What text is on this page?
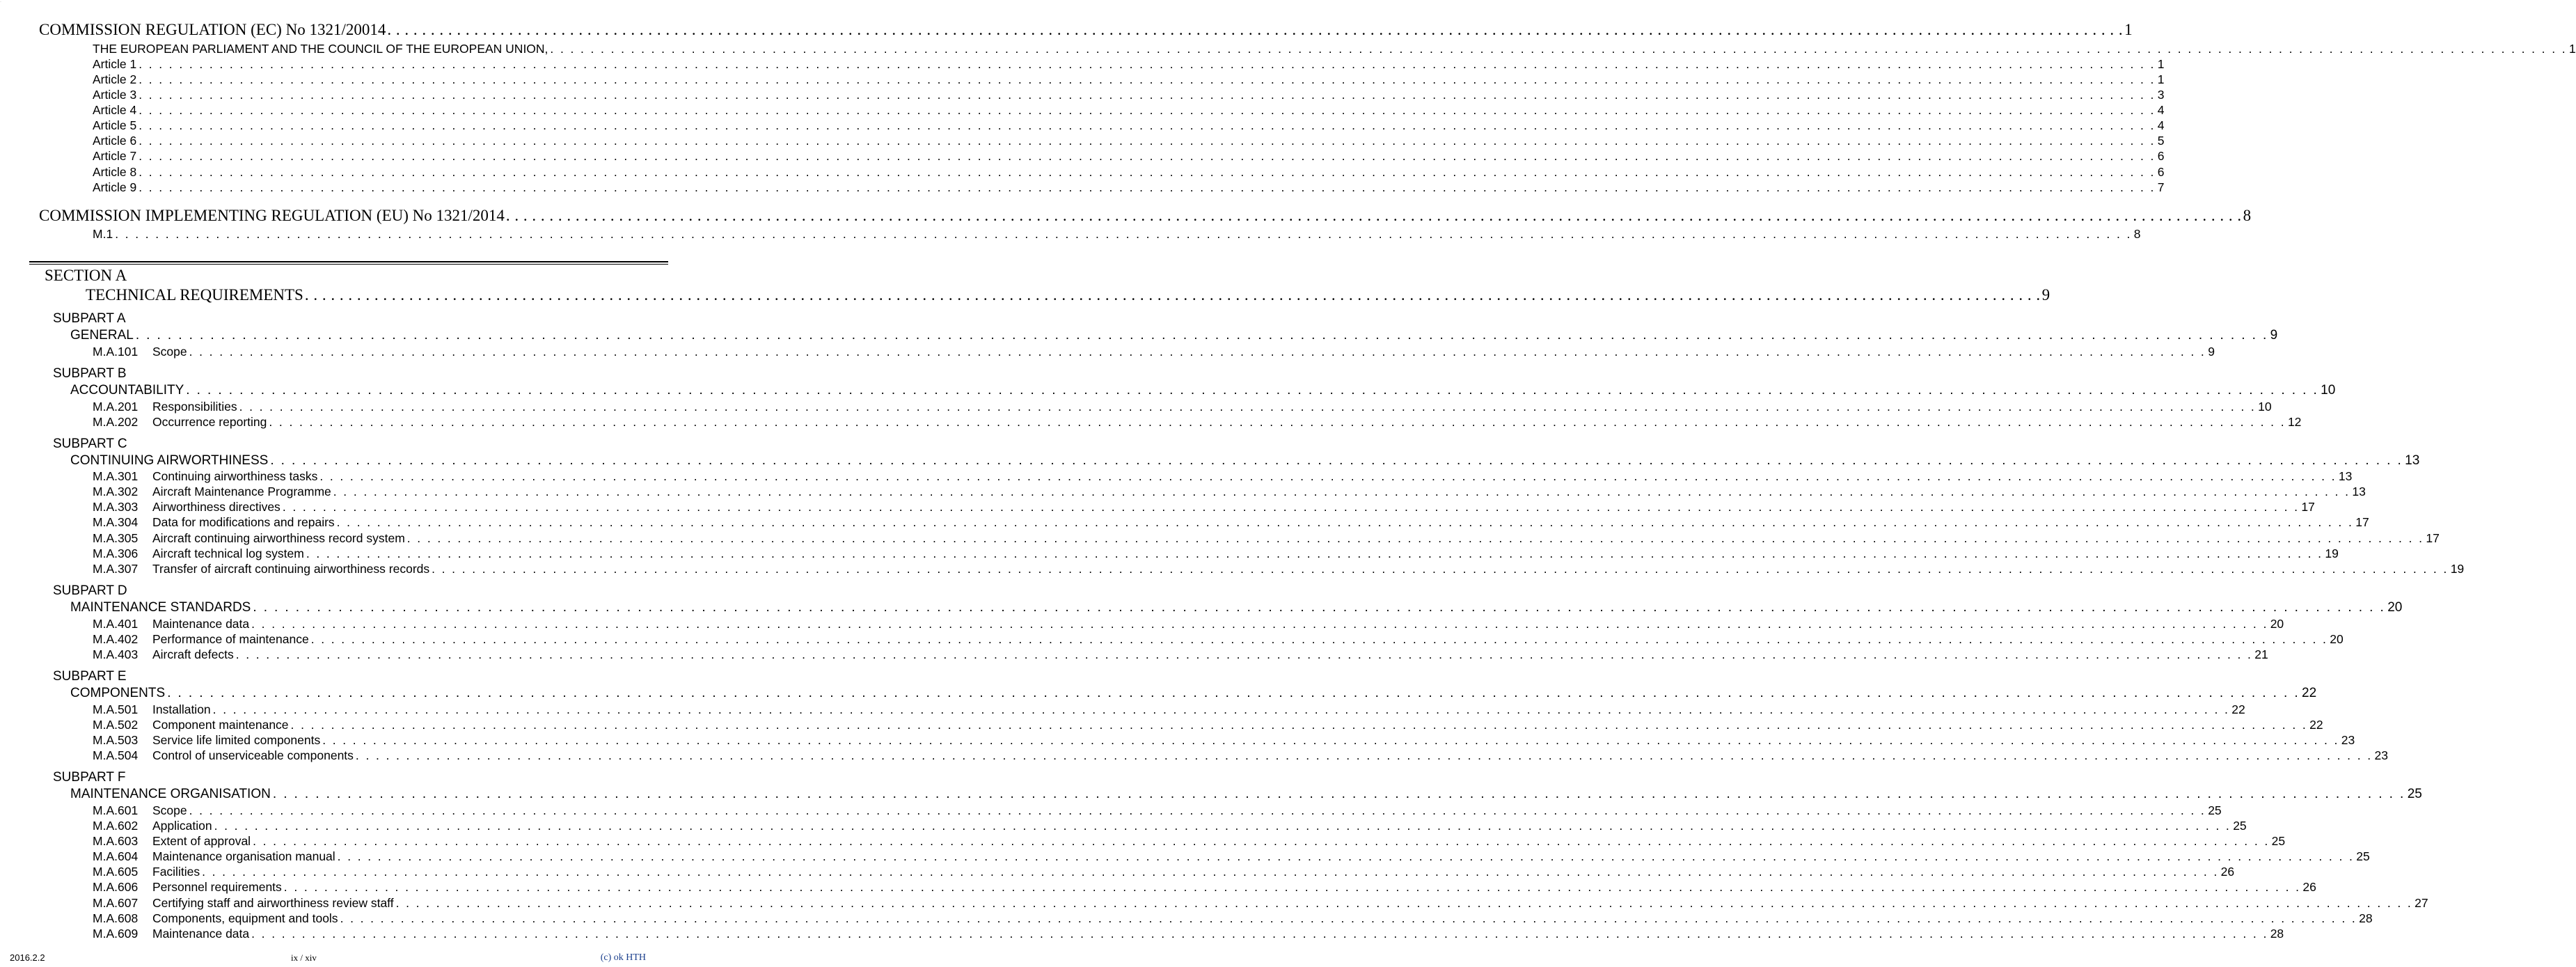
·
COMMISSION REGULATION (EC) No 1321/20014 . . . . . . . . . . . . . . . . . . . . . . . . . . . . . . . . . . . . . . . . . . . . . . . . . . . . . . . . . . . . . . . . . . . . . . . . . . . . . . . . . . . . . . . . . . . . . . . . . . . . . . . . . . . . . . . . . . . . . . . . . . . . . . . . . . . . . . . . . . . . . . . . . . . . . . . . . . . . . . . . . . . . . . . . . . . . . . . . . . . . . . . . . . . . . . . . . . . . . . . . 1
COMMISSION IMPLEMENTING REGULATION (EU) No 1321/2014 . . . . . . . . . . . . . . . . . . . . . . . . . . . . . . . . . . . . . . . . . . . . . . . . . . . . . . . . . . . . . . . . . . . . . . . . . . . . . . . . . . . . . . . . . . . . . . . . . . . . . . . . . . . . . . . . . . . . . . . . . . . . . . . . . . . . . . . . . . . . . . . . . . . . . . . . . . . . . . . . . . . . . . . . . . . . . . . . . . . . . . . . . . . . . . . . . . . . . . . . 8
SECTION A
TECHNICAL REQUIREMENTS . . . . . . . . . . . . . . . . . . . . . . . . . . . . . . . . . . . . . . . . . . . . . . . . . . . . . . . . . . . . . . . . . . . . . . . . . . . . . . . . . . . . . . . . . . . . . . . . . . . . . . . . . . . . . . . . . . . . . . . . . . . . . . . . . . . . . . . . . . . . . . . . . . . . . . . . . . . . . . . . . . . . . . . . . . . . . . . . . . . . . . . . . . . . . . . . . . . . . . . . 9
2016.2.2	ix / xiv	(c) ok HTH
THE EUROPEAN PARLIAMENT AND THE COUNCIL OF THE EUROPEAN UNION, . . . . . . . . . . . . . . . . . . . . . . . . . . . . . . . . . . . . . . . . . . . . . . . . . . . . . . . . . . . . . . . . . . . . . . . . . . . . . . . . . . . . . . . . . . . . . . . . . . . . . . . . . . . . . . . . . . . . . . . . . . . . . . . . . . . . . . . . . . . . . . . . . . . . . . . . . . . . . . . . . . . . . . . . . . . . . . . . . . . . . . . . . . . . . . . . . . . . . . . . 1
Article 1 . . . . . . . . . . . . . . . . . . . . . . . . . . . . . . . . . . . . . . . . . . . . . . . . . . . . . . . . . . . . . . . . . . . . . . . . . . . . . . . . . . . . . . . . . . . . . . . . . . . . . . . . . . . . . . . . . . . . . . . . . . . . . . . . . . . . . . . . . . . . . . . . . . . . . . . . . . . . . . . . . . . . . . . . . . . . . . . . . . . . . . . . . . . . . . . . . . . . . . . . 1
Article 2 . . . . . . . . . . . . . . . . . . . . . . . . . . . . . . . . . . . . . . . . . . . . . . . . . . . . . . . . . . . . . . . . . . . . . . . . . . . . . . . . . . . . . . . . . . . . . . . . . . . . . . . . . . . . . . . . . . . . . . . . . . . . . . . . . . . . . . . . . . . . . . . . . . . . . . . . . . . . . . . . . . . . . . . . . . . . . . . . . . . . . . . . . . . . . . . . . . . . . . . . 1
Article 3 . . . . . . . . . . . . . . . . . . . . . . . . . . . . . . . . . . . . . . . . . . . . . . . . . . . . . . . . . . . . . . . . . . . . . . . . . . . . . . . . . . . . . . . . . . . . . . . . . . . . . . . . . . . . . . . . . . . . . . . . . . . . . . . . . . . . . . . . . . . . . . . . . . . . . . . . . . . . . . . . . . . . . . . . . . . . . . . . . . . . . . . . . . . . . . . . . . . . . . . . 3
Article 4 . . . . . . . . . . . . . . . . . . . . . . . . . . . . . . . . . . . . . . . . . . . . . . . . . . . . . . . . . . . . . . . . . . . . . . . . . . . . . . . . . . . . . . . . . . . . . . . . . . . . . . . . . . . . . . . . . . . . . . . . . . . . . . . . . . . . . . . . . . . . . . . . . . . . . . . . . . . . . . . . . . . . . . . . . . . . . . . . . . . . . . . . . . . . . . . . . . . . . . . . 4
Article 5 . . . . . . . . . . . . . . . . . . . . . . . . . . . . . . . . . . . . . . . . . . . . . . . . . . . . . . . . . . . . . . . . . . . . . . . . . . . . . . . . . . . . . . . . . . . . . . . . . . . . . . . . . . . . . . . . . . . . . . . . . . . . . . . . . . . . . . . . . . . . . . . . . . . . . . . . . . . . . . . . . . . . . . . . . . . . . . . . . . . . . . . . . . . . . . . . . . . . . . . . 4
Article 6 . . . . . . . . . . . . . . . . . . . . . . . . . . . . . . . . . . . . . . . . . . . . . . . . . . . . . . . . . . . . . . . . . . . . . . . . . . . . . . . . . . . . . . . . . . . . . . . . . . . . . . . . . . . . . . . . . . . . . . . . . . . . . . . . . . . . . . . . . . . . . . . . . . . . . . . . . . . . . . . . . . . . . . . . . . . . . . . . . . . . . . . . . . . . . . . . . . . . . . . . 5
Article 7 . . . . . . . . . . . . . . . . . . . . . . . . . . . . . . . . . . . . . . . . . . . . . . . . . . . . . . . . . . . . . . . . . . . . . . . . . . . . . . . . . . . . . . . . . . . . . . . . . . . . . . . . . . . . . . . . . . . . . . . . . . . . . . . . . . . . . . . . . . . . . . . . . . . . . . . . . . . . . . . . . . . . . . . . . . . . . . . . . . . . . . . . . . . . . . . . . . . . . . . . 6
Article 8 . . . . . . . . . . . . . . . . . . . . . . . . . . . . . . . . . . . . . . . . . . . . . . . . . . . . . . . . . . . . . . . . . . . . . . . . . . . . . . . . . . . . . . . . . . . . . . . . . . . . . . . . . . . . . . . . . . . . . . . . . . . . . . . . . . . . . . . . . . . . . . . . . . . . . . . . . . . . . . . . . . . . . . . . . . . . . . . . . . . . . . . . . . . . . . . . . . . . . . . . 6
Article 9 . . . . . . . . . . . . . . . . . . . . . . . . . . . . . . . . . . . . . . . . . . . . . . . . . . . . . . . . . . . . . . . . . . . . . . . . . . . . . . . . . . . . . . . . . . . . . . . . . . . . . . . . . . . . . . . . . . . . . . . . . . . . . . . . . . . . . . . . . . . . . . . . . . . . . . . . . . . . . . . . . . . . . . . . . . . . . . . . . . . . . . . . . . . . . . . . . . . . . . . . 7
M.1 . . . . . . . . . . . . . . . . . . . . . . . . . . . . . . . . . . . . . . . . . . . . . . . . . . . . . . . . . . . . . . . . . . . . . . . . . . . . . . . . . . . . . . . . . . . . . . . . . . . . . . . . . . . . . . . . . . . . . . . . . . . . . . . . . . . . . . . . . . . . . . . . . . . . . . . . . . . . . . . . . . . . . . . . . . . . . . . . . . . . . . . . . . . . . . . . . . . . . . . . 8
SUBPART A
GENERAL . . . . . . . . . . . . . . . . . . . . . . . . . . . . . . . . . . . . . . . . . . . . . . . . . . . . . . . . . . . . . . . . . . . . . . . . . . . . . . . . . . . . . . . . . . . . . . . . . . . . . . . . . . . . . . . . . . . . . . . . . . . . . . . . . . . . . . . . . . . . . . . . . . . . . . . . . . . . . . . . . . . . . . . . . . . . . . . . . . . . . . . . . . . . . . . . . . . . . . . . 9
M.A.101 Scope . . . . . . . . . . . . . . . . . . . . . . . . . . . . . . . . . . . . . . . . . . . . . . . . . . . . . . . . . . . . . . . . . . . . . . . . . . . . . . . . . . . . . . . . . . . . . . . . . . . . . . . . . . . . . . . . . . . . . . . . . . . . . . . . . . . . . . . . . . . . . . . . . . . . . . . . . . . . . . . . . . . . . . . . . . . . . . . . . . . . . . . . . . . . . . . . . . . . . . . . 9
SUBPART B
ACCOUNTABILITY . . . . . . . . . . . . . . . . . . . . . . . . . . . . . . . . . . . . . . . . . . . . . . . . . . . . . . . . . . . . . . . . . . . . . . . . . . . . . . . . . . . . . . . . . . . . . . . . . . . . . . . . . . . . . . . . . . . . . . . . . . . . . . . . . . . . . . . . . . . . . . . . . . . . . . . . . . . . . . . . . . . . . . . . . . . . . . . . . . . . . . . . . . . . . . . . . . . . . . . . 10
M.A.201 Responsibilities . . . . . . . . . . . . . . . . . . . . . . . . . . . . . . . . . . . . . . . . . . . . . . . . . . . . . . . . . . . . . . . . . . . . . . . . . . . . . . . . . . . . . . . . . . . . . . . . . . . . . . . . . . . . . . . . . . . . . . . . . . . . . . . . . . . . . . . . . . . . . . . . . . . . . . . . . . . . . . . . . . . . . . . . . . . . . . . . . . . . . . . . . . . . . . . . . . . . . . . . 10
M.A.202 Occurrence reporting . . . . . . . . . . . . . . . . . . . . . . . . . . . . . . . . . . . . . . . . . . . . . . . . . . . . . . . . . . . . . . . . . . . . . . . . . . . . . . . . . . . . . . . . . . . . . . . . . . . . . . . . . . . . . . . . . . . . . . . . . . . . . . . . . . . . . . . . . . . . . . . . . . . . . . . . . . . . . . . . . . . . . . . . . . . . . . . . . . . . . . . . . . . . . . . . . . . . . . . . 12
SUBPART C
CONTINUING AIRWORTHINESS . . . . . . . . . . . . . . . . . . . . . . . . . . . . . . . . . . . . . . . . . . . . . . . . . . . . . . . . . . . . . . . . . . . . . . . . . . . . . . . . . . . . . . . . . . . . . . . . . . . . . . . . . . . . . . . . . . . . . . . . . . . . . . . . . . . . . . . . . . . . . . . . . . . . . . . . . . . . . . . . . . . . . . . . . . . . . . . . . . . . . . . . . . . . . . . . . . . . . . . . 13
M.A.301 Continuing airworthiness tasks . . . . . . . . . . . . . . . . . . . . . . . . . . . . . . . . . . . . . . . . . . . . . . . . . . . . . . . . . . . . . . . . . . . . . . . . . . . . . . . . . . . . . . . . . . . . . . . . . . . . . . . . . . . . . . . . . . . . . . . . . . . . . . . . . . . . . . . . . . . . . . . . . . . . . . . . . . . . . . . . . . . . . . . . . . . . . . . . . . . . . . . . . . . . . . . . . . . . . . . . 13
M.A.302 Aircraft Maintenance Programme . . . . . . . . . . . . . . . . . . . . . . . . . . . . . . . . . . . . . . . . . . . . . . . . . . . . . . . . . . . . . . . . . . . . . . . . . . . . . . . . . . . . . . . . . . . . . . . . . . . . . . . . . . . . . . . . . . . . . . . . . . . . . . . . . . . . . . . . . . . . . . . . . . . . . . . . . . . . . . . . . . . . . . . . . . . . . . . . . . . . . . . . . . . . . . . . . . . . . . . . 13
M.A.303 Airworthiness directives . . . . . . . . . . . . . . . . . . . . . . . . . . . . . . . . . . . . . . . . . . . . . . . . . . . . . . . . . . . . . . . . . . . . . . . . . . . . . . . . . . . . . . . . . . . . . . . . . . . . . . . . . . . . . . . . . . . . . . . . . . . . . . . . . . . . . . . . . . . . . . . . . . . . . . . . . . . . . . . . . . . . . . . . . . . . . . . . . . . . . . . . . . . . . . . . . . . . . . . . 17
M.A.304 Data for modifications and repairs . . . . . . . . . . . . . . . . . . . . . . . . . . . . . . . . . . . . . . . . . . . . . . . . . . . . . . . . . . . . . . . . . . . . . . . . . . . . . . . . . . . . . . . . . . . . . . . . . . . . . . . . . . . . . . . . . . . . . . . . . . . . . . . . . . . . . . . . . . . . . . . . . . . . . . . . . . . . . . . . . . . . . . . . . . . . . . . . . . . . . . . . . . . . . . . . . . . . . . . . 17
M.A.305 Aircraft continuing airworthiness record system . . . . . . . . . . . . . . . . . . . . . . . . . . . . . . . . . . . . . . . . . . . . . . . . . . . . . . . . . . . . . . . . . . . . . . . . . . . . . . . . . . . . . . . . . . . . . . . . . . . . . . . . . . . . . . . . . . . . . . . . . . . . . . . . . . . . . . . . . . . . . . . . . . . . . . . . . . . . . . . . . . . . . . . . . . . . . . . . . . . . . . . . . . . . . . . . . . . . . . . . 17
M.A.306 Aircraft technical log system . . . . . . . . . . . . . . . . . . . . . . . . . . . . . . . . . . . . . . . . . . . . . . . . . . . . . . . . . . . . . . . . . . . . . . . . . . . . . . . . . . . . . . . . . . . . . . . . . . . . . . . . . . . . . . . . . . . . . . . . . . . . . . . . . . . . . . . . . . . . . . . . . . . . . . . . . . . . . . . . . . . . . . . . . . . . . . . . . . . . . . . . . . . . . . . . . . . . . . . . 19
M.A.307 Transfer of aircraft continuing airworthiness records . . . . . . . . . . . . . . . . . . . . . . . . . . . . . . . . . . . . . . . . . . . . . . . . . . . . . . . . . . . . . . . . . . . . . . . . . . . . . . . . . . . . . . . . . . . . . . . . . . . . . . . . . . . . . . . . . . . . . . . . . . . . . . . . . . . . . . . . . . . . . . . . . . . . . . . . . . . . . . . . . . . . . . . . . . . . . . . . . . . . . . . . . . . . . . . . . . . . . . . . 19
SUBPART D
MAINTENANCE STANDARDS . . . . . . . . . . . . . . . . . . . . . . . . . . . . . . . . . . . . . . . . . . . . . . . . . . . . . . . . . . . . . . . . . . . . . . . . . . . . . . . . . . . . . . . . . . . . . . . . . . . . . . . . . . . . . . . . . . . . . . . . . . . . . . . . . . . . . . . . . . . . . . . . . . . . . . . . . . . . . . . . . . . . . . . . . . . . . . . . . . . . . . . . . . . . . . . . . . . . . . . . 20
M.A.401 Maintenance data . . . . . . . . . . . . . . . . . . . . . . . . . . . . . . . . . . . . . . . . . . . . . . . . . . . . . . . . . . . . . . . . . . . . . . . . . . . . . . . . . . . . . . . . . . . . . . . . . . . . . . . . . . . . . . . . . . . . . . . . . . . . . . . . . . . . . . . . . . . . . . . . . . . . . . . . . . . . . . . . . . . . . . . . . . . . . . . . . . . . . . . . . . . . . . . . . . . . . . . . 20
M.A.402 Performance of maintenance . . . . . . . . . . . . . . . . . . . . . . . . . . . . . . . . . . . . . . . . . . . . . . . . . . . . . . . . . . . . . . . . . . . . . . . . . . . . . . . . . . . . . . . . . . . . . . . . . . . . . . . . . . . . . . . . . . . . . . . . . . . . . . . . . . . . . . . . . . . . . . . . . . . . . . . . . . . . . . . . . . . . . . . . . . . . . . . . . . . . . . . . . . . . . . . . . . . . . . . . 20
M.A.403 Aircraft defects . . . . . . . . . . . . . . . . . . . . . . . . . . . . . . . . . . . . . . . . . . . . . . . . . . . . . . . . . . . . . . . . . . . . . . . . . . . . . . . . . . . . . . . . . . . . . . . . . . . . . . . . . . . . . . . . . . . . . . . . . . . . . . . . . . . . . . . . . . . . . . . . . . . . . . . . . . . . . . . . . . . . . . . . . . . . . . . . . . . . . . . . . . . . . . . . . . . . . . . . 21
SUBPART E
COMPONENTS . . . . . . . . . . . . . . . . . . . . . . . . . . . . . . . . . . . . . . . . . . . . . . . . . . . . . . . . . . . . . . . . . . . . . . . . . . . . . . . . . . . . . . . . . . . . . . . . . . . . . . . . . . . . . . . . . . . . . . . . . . . . . . . . . . . . . . . . . . . . . . . . . . . . . . . . . . . . . . . . . . . . . . . . . . . . . . . . . . . . . . . . . . . . . . . . . . . . . . . . 22
M.A.501 Installation . . . . . . . . . . . . . . . . . . . . . . . . . . . . . . . . . . . . . . . . . . . . . . . . . . . . . . . . . . . . . . . . . . . . . . . . . . . . . . . . . . . . . . . . . . . . . . . . . . . . . . . . . . . . . . . . . . . . . . . . . . . . . . . . . . . . . . . . . . . . . . . . . . . . . . . . . . . . . . . . . . . . . . . . . . . . . . . . . . . . . . . . . . . . . . . . . . . . . . . . 22
M.A.502 Component maintenance . . . . . . . . . . . . . . . . . . . . . . . . . . . . . . . . . . . . . . . . . . . . . . . . . . . . . . . . . . . . . . . . . . . . . . . . . . . . . . . . . . . . . . . . . . . . . . . . . . . . . . . . . . . . . . . . . . . . . . . . . . . . . . . . . . . . . . . . . . . . . . . . . . . . . . . . . . . . . . . . . . . . . . . . . . . . . . . . . . . . . . . . . . . . . . . . . . . . . . . . 22
M.A.503 Service life limited components . . . . . . . . . . . . . . . . . . . . . . . . . . . . . . . . . . . . . . . . . . . . . . . . . . . . . . . . . . . . . . . . . . . . . . . . . . . . . . . . . . . . . . . . . . . . . . . . . . . . . . . . . . . . . . . . . . . . . . . . . . . . . . . . . . . . . . . . . . . . . . . . . . . . . . . . . . . . . . . . . . . . . . . . . . . . . . . . . . . . . . . . . . . . . . . . . . . . . . . . 23
M.A.504 Control of unserviceable components . . . . . . . . . . . . . . . . . . . . . . . . . . . . . . . . . . . . . . . . . . . . . . . . . . . . . . . . . . . . . . . . . . . . . . . . . . . . . . . . . . . . . . . . . . . . . . . . . . . . . . . . . . . . . . . . . . . . . . . . . . . . . . . . . . . . . . . . . . . . . . . . . . . . . . . . . . . . . . . . . . . . . . . . . . . . . . . . . . . . . . . . . . . . . . . . . . . . . . . . 23
SUBPART F
MAINTENANCE ORGANISATION . . . . . . . . . . . . . . . . . . . . . . . . . . . . . . . . . . . . . . . . . . . . . . . . . . . . . . . . . . . . . . . . . . . . . . . . . . . . . . . . . . . . . . . . . . . . . . . . . . . . . . . . . . . . . . . . . . . . . . . . . . . . . . . . . . . . . . . . . . . . . . . . . . . . . . . . . . . . . . . . . . . . . . . . . . . . . . . . . . . . . . . . . . . . . . . . . . . . . . . . 25
M.A.601 Scope . . . . . . . . . . . . . . . . . . . . . . . . . . . . . . . . . . . . . . . . . . . . . . . . . . . . . . . . . . . . . . . . . . . . . . . . . . . . . . . . . . . . . . . . . . . . . . . . . . . . . . . . . . . . . . . . . . . . . . . . . . . . . . . . . . . . . . . . . . . . . . . . . . . . . . . . . . . . . . . . . . . . . . . . . . . . . . . . . . . . . . . . . . . . . . . . . . . . . . . . 25
M.A.602 Application . . . . . . . . . . . . . . . . . . . . . . . . . . . . . . . . . . . . . . . . . . . . . . . . . . . . . . . . . . . . . . . . . . . . . . . . . . . . . . . . . . . . . . . . . . . . . . . . . . . . . . . . . . . . . . . . . . . . . . . . . . . . . . . . . . . . . . . . . . . . . . . . . . . . . . . . . . . . . . . . . . . . . . . . . . . . . . . . . . . . . . . . . . . . . . . . . . . . . . . . 25
M.A.603 Extent of approval . . . . . . . . . . . . . . . . . . . . . . . . . . . . . . . . . . . . . . . . . . . . . . . . . . . . . . . . . . . . . . . . . . . . . . . . . . . . . . . . . . . . . . . . . . . . . . . . . . . . . . . . . . . . . . . . . . . . . . . . . . . . . . . . . . . . . . . . . . . . . . . . . . . . . . . . . . . . . . . . . . . . . . . . . . . . . . . . . . . . . . . . . . . . . . . . . . . . . . . . 25
M.A.604 Maintenance organisation manual . . . . . . . . . . . . . . . . . . . . . . . . . . . . . . . . . . . . . . . . . . . . . . . . . . . . . . . . . . . . . . . . . . . . . . . . . . . . . . . . . . . . . . . . . . . . . . . . . . . . . . . . . . . . . . . . . . . . . . . . . . . . . . . . . . . . . . . . . . . . . . . . . . . . . . . . . . . . . . . . . . . . . . . . . . . . . . . . . . . . . . . . . . . . . . . . . . . . . . . . 25
M.A.605 Facilities . . . . . . . . . . . . . . . . . . . . . . . . . . . . . . . . . . . . . . . . . . . . . . . . . . . . . . . . . . . . . . . . . . . . . . . . . . . . . . . . . . . . . . . . . . . . . . . . . . . . . . . . . . . . . . . . . . . . . . . . . . . . . . . . . . . . . . . . . . . . . . . . . . . . . . . . . . . . . . . . . . . . . . . . . . . . . . . . . . . . . . . . . . . . . . . . . . . . . . . . 26
M.A.606 Personnel requirements . . . . . . . . . . . . . . . . . . . . . . . . . . . . . . . . . . . . . . . . . . . . . . . . . . . . . . . . . . . . . . . . . . . . . . . . . . . . . . . . . . . . . . . . . . . . . . . . . . . . . . . . . . . . . . . . . . . . . . . . . . . . . . . . . . . . . . . . . . . . . . . . . . . . . . . . . . . . . . . . . . . . . . . . . . . . . . . . . . . . . . . . . . . . . . . . . . . . . . . . 26
M.A.607 Certifying staff and airworthiness review staff . . . . . . . . . . . . . . . . . . . . . . . . . . . . . . . . . . . . . . . . . . . . . . . . . . . . . . . . . . . . . . . . . . . . . . . . . . . . . . . . . . . . . . . . . . . . . . . . . . . . . . . . . . . . . . . . . . . . . . . . . . . . . . . . . . . . . . . . . . . . . . . . . . . . . . . . . . . . . . . . . . . . . . . . . . . . . . . . . . . . . . . . . . . . . . . . . . . . . . . . 27
M.A.608 Components, equipment and tools . . . . . . . . . . . . . . . . . . . . . . . . . . . . . . . . . . . . . . . . . . . . . . . . . . . . . . . . . . . . . . . . . . . . . . . . . . . . . . . . . . . . . . . . . . . . . . . . . . . . . . . . . . . . . . . . . . . . . . . . . . . . . . . . . . . . . . . . . . . . . . . . . . . . . . . . . . . . . . . . . . . . . . . . . . . . . . . . . . . . . . . . . . . . . . . . . . . . . . . . 28
M.A.609 Maintenance data . . . . . . . . . . . . . . . . . . . . . . . . . . . . . . . . . . . . . . . . . . . . . . . . . . . . . . . . . . . . . . . . . . . . . . . . . . . . . . . . . . . . . . . . . . . . . . . . . . . . . . . . . . . . . . . . . . . . . . . . . . . . . . . . . . . . . . . . . . . . . . . . . . . . . . . . . . . . . . . . . . . . . . . . . . . . . . . . . . . . . . . . . . . . . . . . . . . . . . . . 28
